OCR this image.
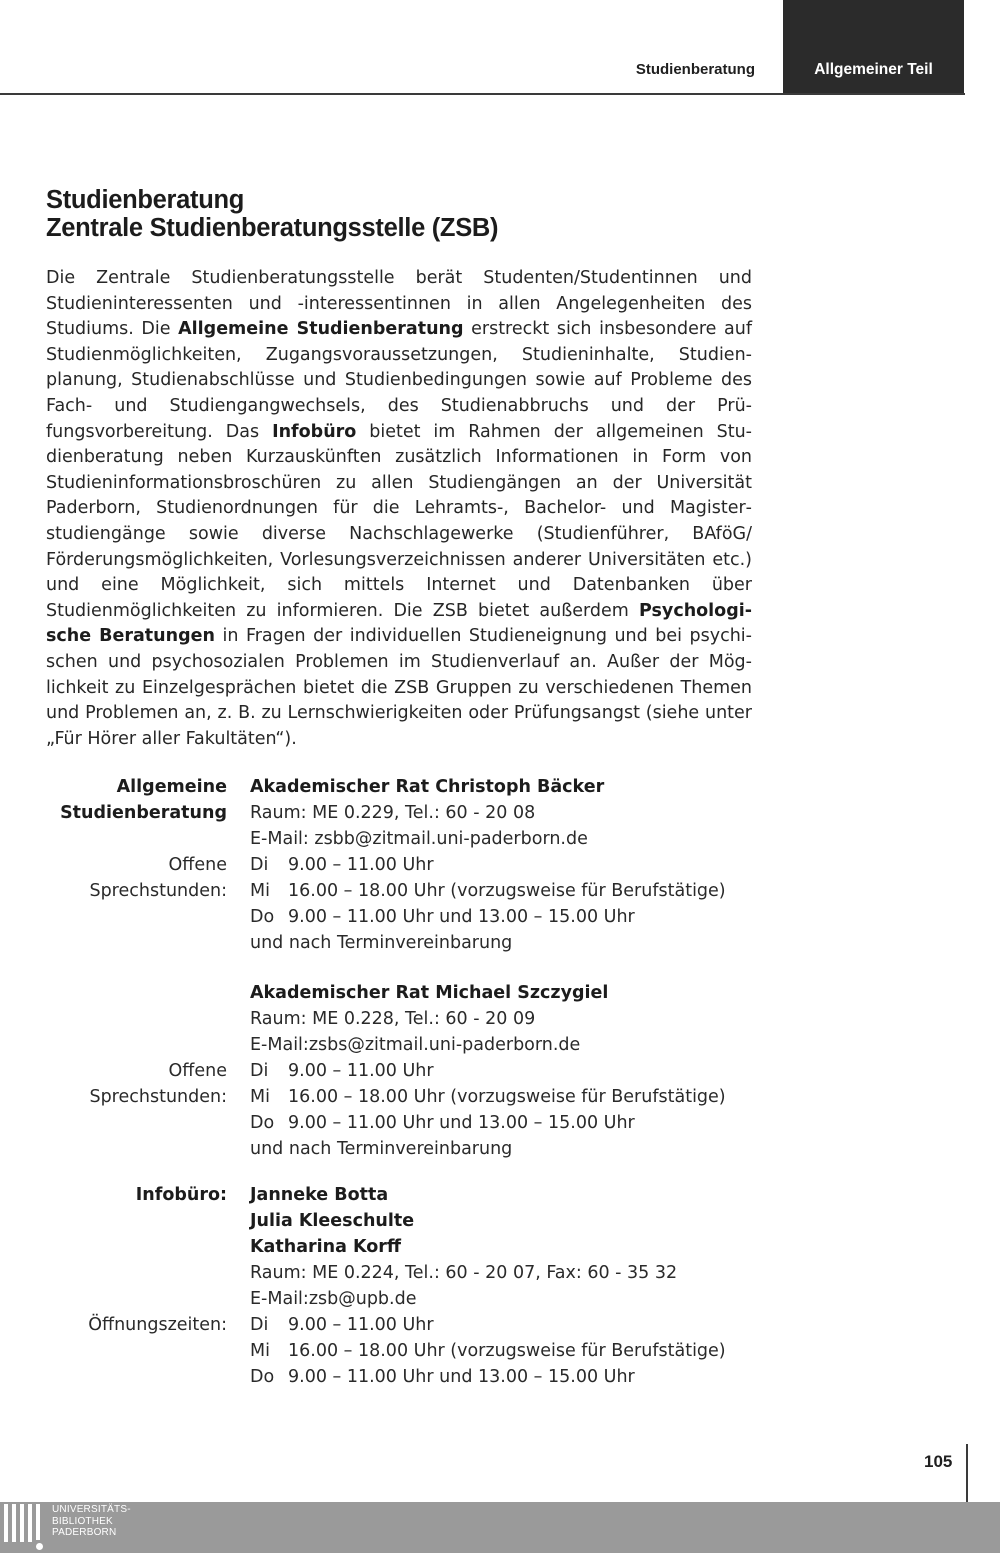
Studienberatung	Allgemeiner Teil
Studienberatung
Zentrale Studienberatungsstelle (ZSB)
Die Zentrale Studienberatungsstelle berät Studenten/Studentinnen und Studieninteressenten und -interessentinnen in allen Angelegenheiten des Studiums. Die Allgemeine Studienberatung erstreckt sich insbesondere auf Studienmöglichkeiten, Zugangsvoraussetzungen, Studieninhalte, Studienplanung, Studienabschlüsse und Studienbedingungen sowie auf Probleme des Fach- und Studiengangwechsels, des Studienabbruchs und der Prüfungsvorbereitung. Das Infobüro bietet im Rahmen der allgemeinen Studienberatung neben Kurzauskünften zusätzlich Informationen in Form von Studieninformationsbroschüren zu allen Studiengängen an der Universität Paderborn, Studienordnungen für die Lehramts-, Bachelor- und Magisterstudiengänge sowie diverse Nachschlagewerke (Studienführer, BAföG/ Förderungsmöglichkeiten, Vorlesungsverzeichnissen anderer Universitäten etc.) und eine Möglichkeit, sich mittels Internet und Datenbanken über Studienmöglichkeiten zu informieren. Die ZSB bietet außerdem Psychologische Beratungen in Fragen der individuellen Studieneignung und bei psychischen und psychosozialen Problemen im Studienverlauf an. Außer der Möglichkeit zu Einzelgesprächen bietet die ZSB Gruppen zu verschiedenen Themen und Problemen an, z. B. zu Lernschwierigkeiten oder Prüfungsangst (siehe unter „Für Hörer aller Fakultäten“).
Allgemeine Akademischer Rat Christoph Bäcker
Studienberatung Raum: ME 0.229, Tel.: 60 - 20 08
E-Mail: zsbb@zitmail.uni-paderborn.de
Offene Di 9.00 – 11.00 Uhr
Sprechstunden: Mi 16.00 – 18.00 Uhr (vorzugsweise für Berufstätige)
Do 9.00 – 11.00 Uhr und 13.00 – 15.00 Uhr
und nach Terminvereinbarung
Akademischer Rat Michael Szczygiel
Raum: ME 0.228, Tel.: 60 - 20 09
E-Mail:zsbs@zitmail.uni-paderborn.de
Offene Di 9.00 – 11.00 Uhr
Sprechstunden: Mi 16.00 – 18.00 Uhr (vorzugsweise für Berufstätige)
Do 9.00 – 11.00 Uhr und 13.00 – 15.00 Uhr
und nach Terminvereinbarung
Infobüro: Janneke Botta
Julia Kleeschulte
Katharina Korff
Raum: ME 0.224, Tel.: 60 - 20 07, Fax: 60 - 35 32
E-Mail:zsb@upb.de
Öffnungszeiten: Di 9.00 – 11.00 Uhr
Mi 16.00 – 18.00 Uhr (vorzugsweise für Berufstätige)
Do 9.00 – 11.00 Uhr und 13.00 – 15.00 Uhr
105
UNIVERSITÄTS-
BIBLIOTHEK
PADERBORN
